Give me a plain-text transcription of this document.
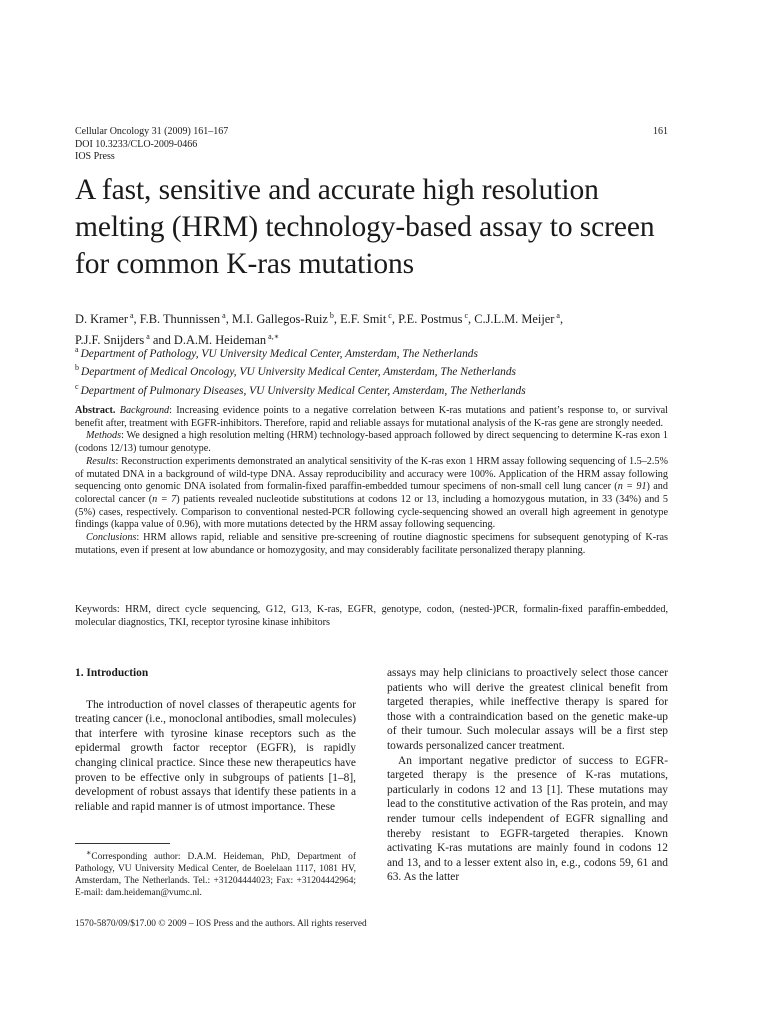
Cellular Oncology 31 (2009) 161–167
DOI 10.3233/CLO-2009-0466
IOS Press
161
A fast, sensitive and accurate high resolution melting (HRM) technology-based assay to screen for common K-ras mutations
D. Kramer $^a$, F.B. Thunnissen $^a$, M.I. Gallegos-Ruiz $^b$, E.F. Smit $^c$, P.E. Postmus $^c$, C.J.L.M. Meijer $^a$,
P.J.F. Snijders $^a$ and D.A.M. Heideman $^{a,∗}$
$^a$ Department of Pathology, VU University Medical Center, Amsterdam, The Netherlands
$^b$ Department of Medical Oncology, VU University Medical Center, Amsterdam, The Netherlands
$^c$ Department of Pulmonary Diseases, VU University Medical Center, Amsterdam, The Netherlands

Abstract. Background: Increasing evidence points to a negative correlation between K-ras mutations and patient’s response to, or survival benefit after, treatment with EGFR-inhibitors. Therefore, rapid and reliable assays for mutational analysis of the K-ras gene are strongly needed.

Methods: We designed a high resolution melting (HRM) technology-based approach followed by direct sequencing to determine K-ras exon 1 (codons 12/13) tumour genotype.

Results: Reconstruction experiments demonstrated an analytical sensitivity of the K-ras exon 1 HRM assay following sequencing of 1.5–2.5% of mutated DNA in a background of wild-type DNA. Assay reproducibility and accuracy were 100%. Application of the HRM assay following sequencing onto genomic DNA isolated from formalin-fixed paraffin-embedded tumour specimens of non-small cell lung cancer (n = 91) and colorectal cancer (n = 7) patients revealed nucleotide substitutions at codons 12 or 13, including a homozygous mutation, in 33 (34%) and 5 (5%) cases, respectively. Comparison to conventional nested-PCR following cycle-sequencing showed an overall high agreement in genotype findings (kappa value of 0.96), with more mutations detected by the HRM assay following sequencing.

Conclusions: HRM allows rapid, reliable and sensitive pre-screening of routine diagnostic specimens for subsequent genotyping of K-ras mutations, even if present at low abundance or homozygosity, and may considerably facilitate personalized therapy planning.

Keywords: HRM, direct cycle sequencing, G12, G13, K-ras, EGFR, genotype, codon, (nested-)PCR, formalin-fixed paraffin-embedded, molecular diagnostics, TKI, receptor tyrosine kinase inhibitors

1. Introduction

The introduction of novel classes of therapeutic agents for treating cancer (i.e., monoclonal antibodies, small molecules) that interfere with tyrosine kinase receptors such as the epidermal growth factor receptor (EGFR), is rapidly changing clinical practice. Since these new therapeutics have proven to be effective only in subgroups of patients [1–8], development of robust assays that identify these patients in a reliable and rapid manner is of utmost importance. These

assays may help clinicians to proactively select those cancer patients who will derive the greatest clinical benefit from targeted therapies, while ineffective therapy is spared for those with a contraindication based on the genetic make-up of their tumour. Such molecular assays will be a first step towards personalized cancer treatment.

An important negative predictor of success to EGFR-targeted therapy is the presence of K-ras mutations, particularly in codons 12 and 13 [1]. These mutations may lead to the constitutive activation of the Ras protein, and may render tumour cells independent of EGFR signalling and thereby resistant to EGFR-targeted therapies. Known activating K-ras mutations are mainly found in codons 12 and 13, and to a lesser extent also in, e.g., codons 59, 61 and 63. As the latter

∗Corresponding author: D.A.M. Heideman, PhD, Department of Pathology, VU University Medical Center, de Boelelaan 1117, 1081 HV, Amsterdam, The Netherlands. Tel.: +31204444023; Fax: +31204442964; E-mail: dam.heideman@vumc.nl.
1570-5870/09/$17.00 © 2009 – IOS Press and the authors. All rights reserved
